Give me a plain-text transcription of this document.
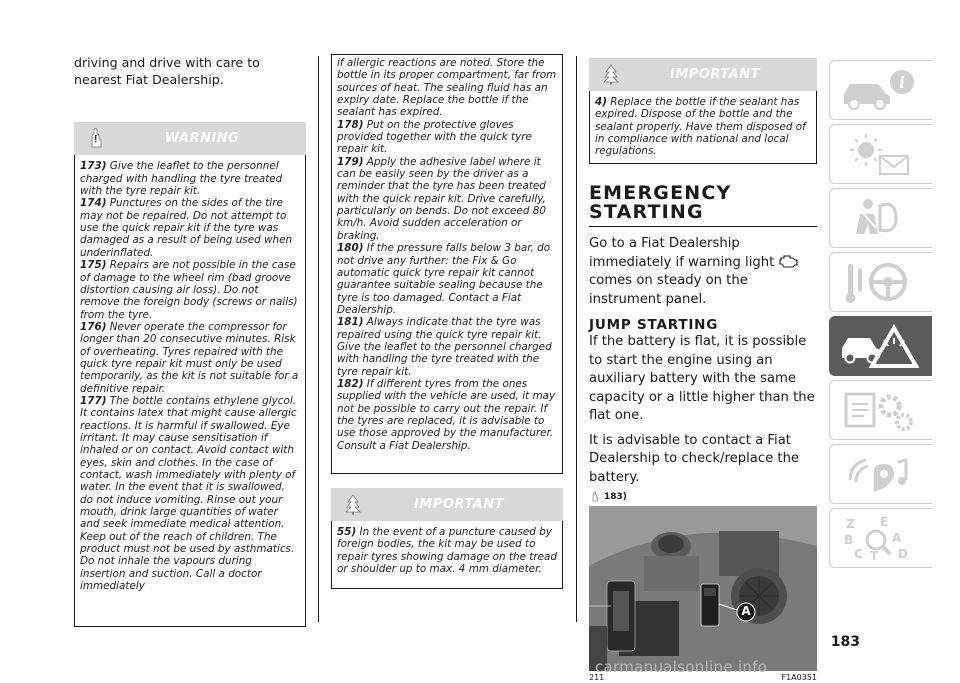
driving and drive with care to nearest Fiat Dealership.

WARNING

173) Give the leaflet to the personnel charged with handling the tyre treated with the tyre repair kit.

174) Punctures on the sides of the tire may not be repaired. Do not attempt to use the quick repair kit if the tyre was damaged as a result of being used when underinflated.

175) Repairs are not possible in the case of damage to the wheel rim (bad groove distortion causing air loss). Do not remove the foreign body (screws or nails) from the tyre.

176) Never operate the compressor for longer than 20 consecutive minutes. Risk of overheating. Tyres repaired with the quick tyre repair kit must only be used temporarily, as the kit is not suitable for a definitive repair.

177) The bottle contains ethylene glycol. It contains latex that might cause allergic reactions. It is harmful if swallowed. Eye irritant. It may cause sensitisation if inhaled or on contact. Avoid contact with eyes, skin and clothes. In the case of contact, wash immediately with plenty of water. In the event that it is swallowed, do not induce vomiting. Rinse out your mouth, drink large quantities of water and seek immediate medical attention. Keep out of the reach of children. The product must not be used by asthmatics. Do not inhale the vapours during insertion and suction. Call a doctor immediately

if allergic reactions are noted. Store the bottle in its proper compartment, far from sources of heat. The sealing fluid has an expiry date. Replace the bottle if the sealant has expired.

178) Put on the protective gloves provided together with the quick tyre repair kit.

179) Apply the adhesive label where it can be easily seen by the driver as a reminder that the tyre has been treated with the quick repair kit. Drive carefully, particularly on bends. Do not exceed 80 km/h. Avoid sudden acceleration or braking.

180) If the pressure falls below 3 bar, do not drive any further: the Fix & Go automatic quick tyre repair kit cannot guarantee suitable sealing because the tyre is too damaged. Contact a Fiat Dealership.

181) Always indicate that the tyre was repaired using the quick tyre repair kit. Give the leaflet to the personnel charged with handling the tyre treated with the tyre repair kit.

182) If different tyres from the ones supplied with the vehicle are used, it may not be possible to carry out the repair. If the tyres are replaced, it is advisable to use those approved by the manufacturer. Consult a Fiat Dealership.

IMPORTANT

55) In the event of a puncture caused by foreign bodies, the kit may be used to repair tyres showing damage on the tread or shoulder up to max. 4 mm diameter.

IMPORTANT

4) Replace the bottle if the sealant has expired. Dispose of the bottle and the sealant properly. Have them disposed of in compliance with national and local regulations.

EMERGENCY STARTING

Go to a Fiat Dealership immediately if warning light  comes on steady on the instrument panel.

JUMP STARTING

If the battery is flat, it is possible to start the engine using an auxiliary battery with the same capacity or a little higher than the flat one.

It is advisable to contact a Fiat Dealership to check/replace the battery.

183)
A
211	F1A0351
i
Z E
B	A
C T D
183
carmanualsonline.info
